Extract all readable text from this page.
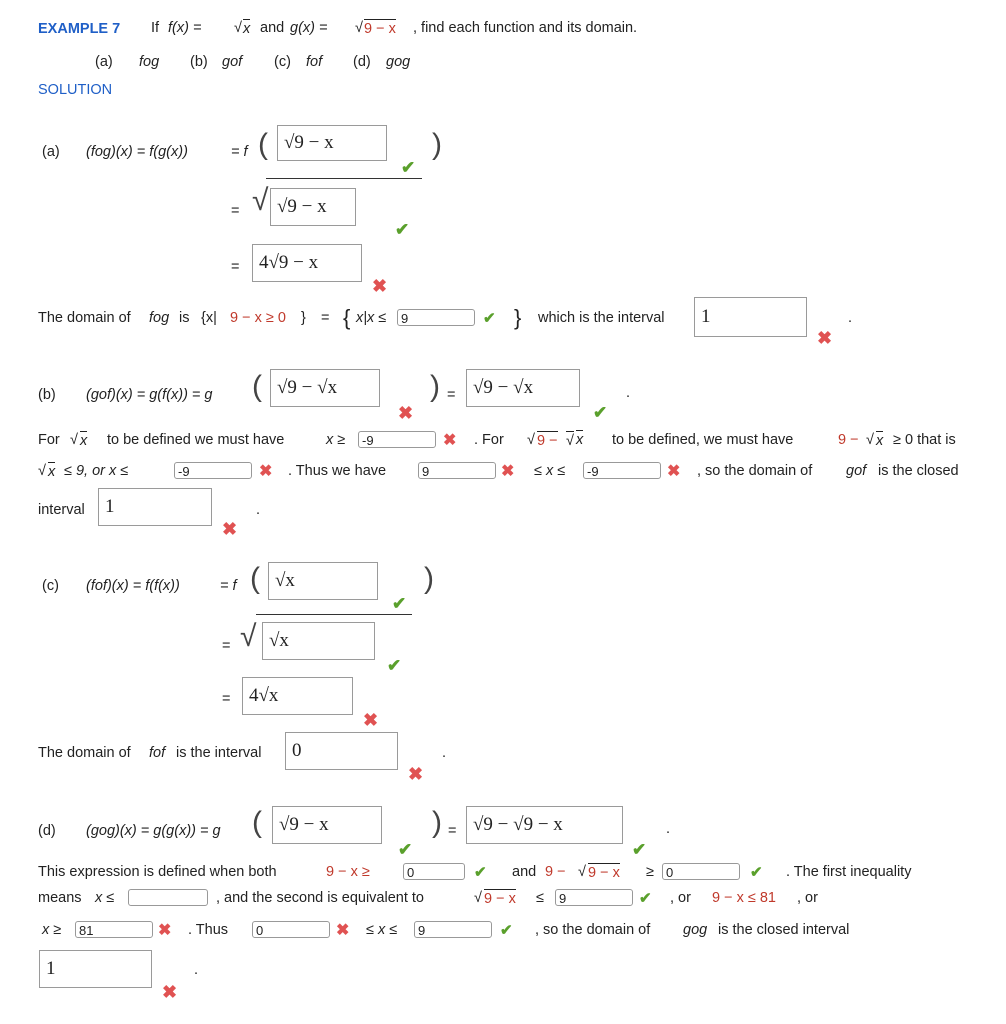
EXAMPLE 7 If f(x) = √ x and g(x) = √ 9 − x , find each function and its domain.
(a) fog (b) gof (c) fof (d) gog
SOLUTION
(a) (fog)(x) = f(g(x))	= f ( √9 − x
✔
)
= √ √9 − x
✔
=	4√9 − x
✖
The domain of fog is {x| 9 − x ≥ 0 } = { x|x ≤	9	✔ } which is the interval	1	.
✖
(b) (gof)(x) = g(f(x)) = g ( √9 − √x
✖
) = √9 − √x
✔
.
For √ x to be defined we must have	x ≥	-9	✖ . For √ 9 − √ x to be defined, we must have	9 − √ x ≥ 0 that is
√ x ≤ 9, or x ≤	-9	✖ . Thus we have	9	✖ ≤ x ≤	-9	✖ , so the domain of gof is the closed
interval	1	.
✖
(c) (fof)(x) = f(f(x))	= f ( √x
✔
)
= √ √x
✔
= 4√x
✖
The domain of fof is the interval	0	.
✖
(d) (gog)(x) = g(g(x)) = g ( √9 − x
✔
) = √9 − √9 − x
✔
.
This expression is defined when both	9 − x ≥	0	✔ and 9 − √ 9 − x ≥ 0	✔ . The first inequality
means x ≤	, and the second is equivalent to	√ 9 − x ≤	9	✔ , or 9 − x ≤ 81 , or
x ≥	81	✖ . Thus	0	✖ ≤ x ≤	9	✔ , so the domain of gog is the closed interval
1	.
✖
